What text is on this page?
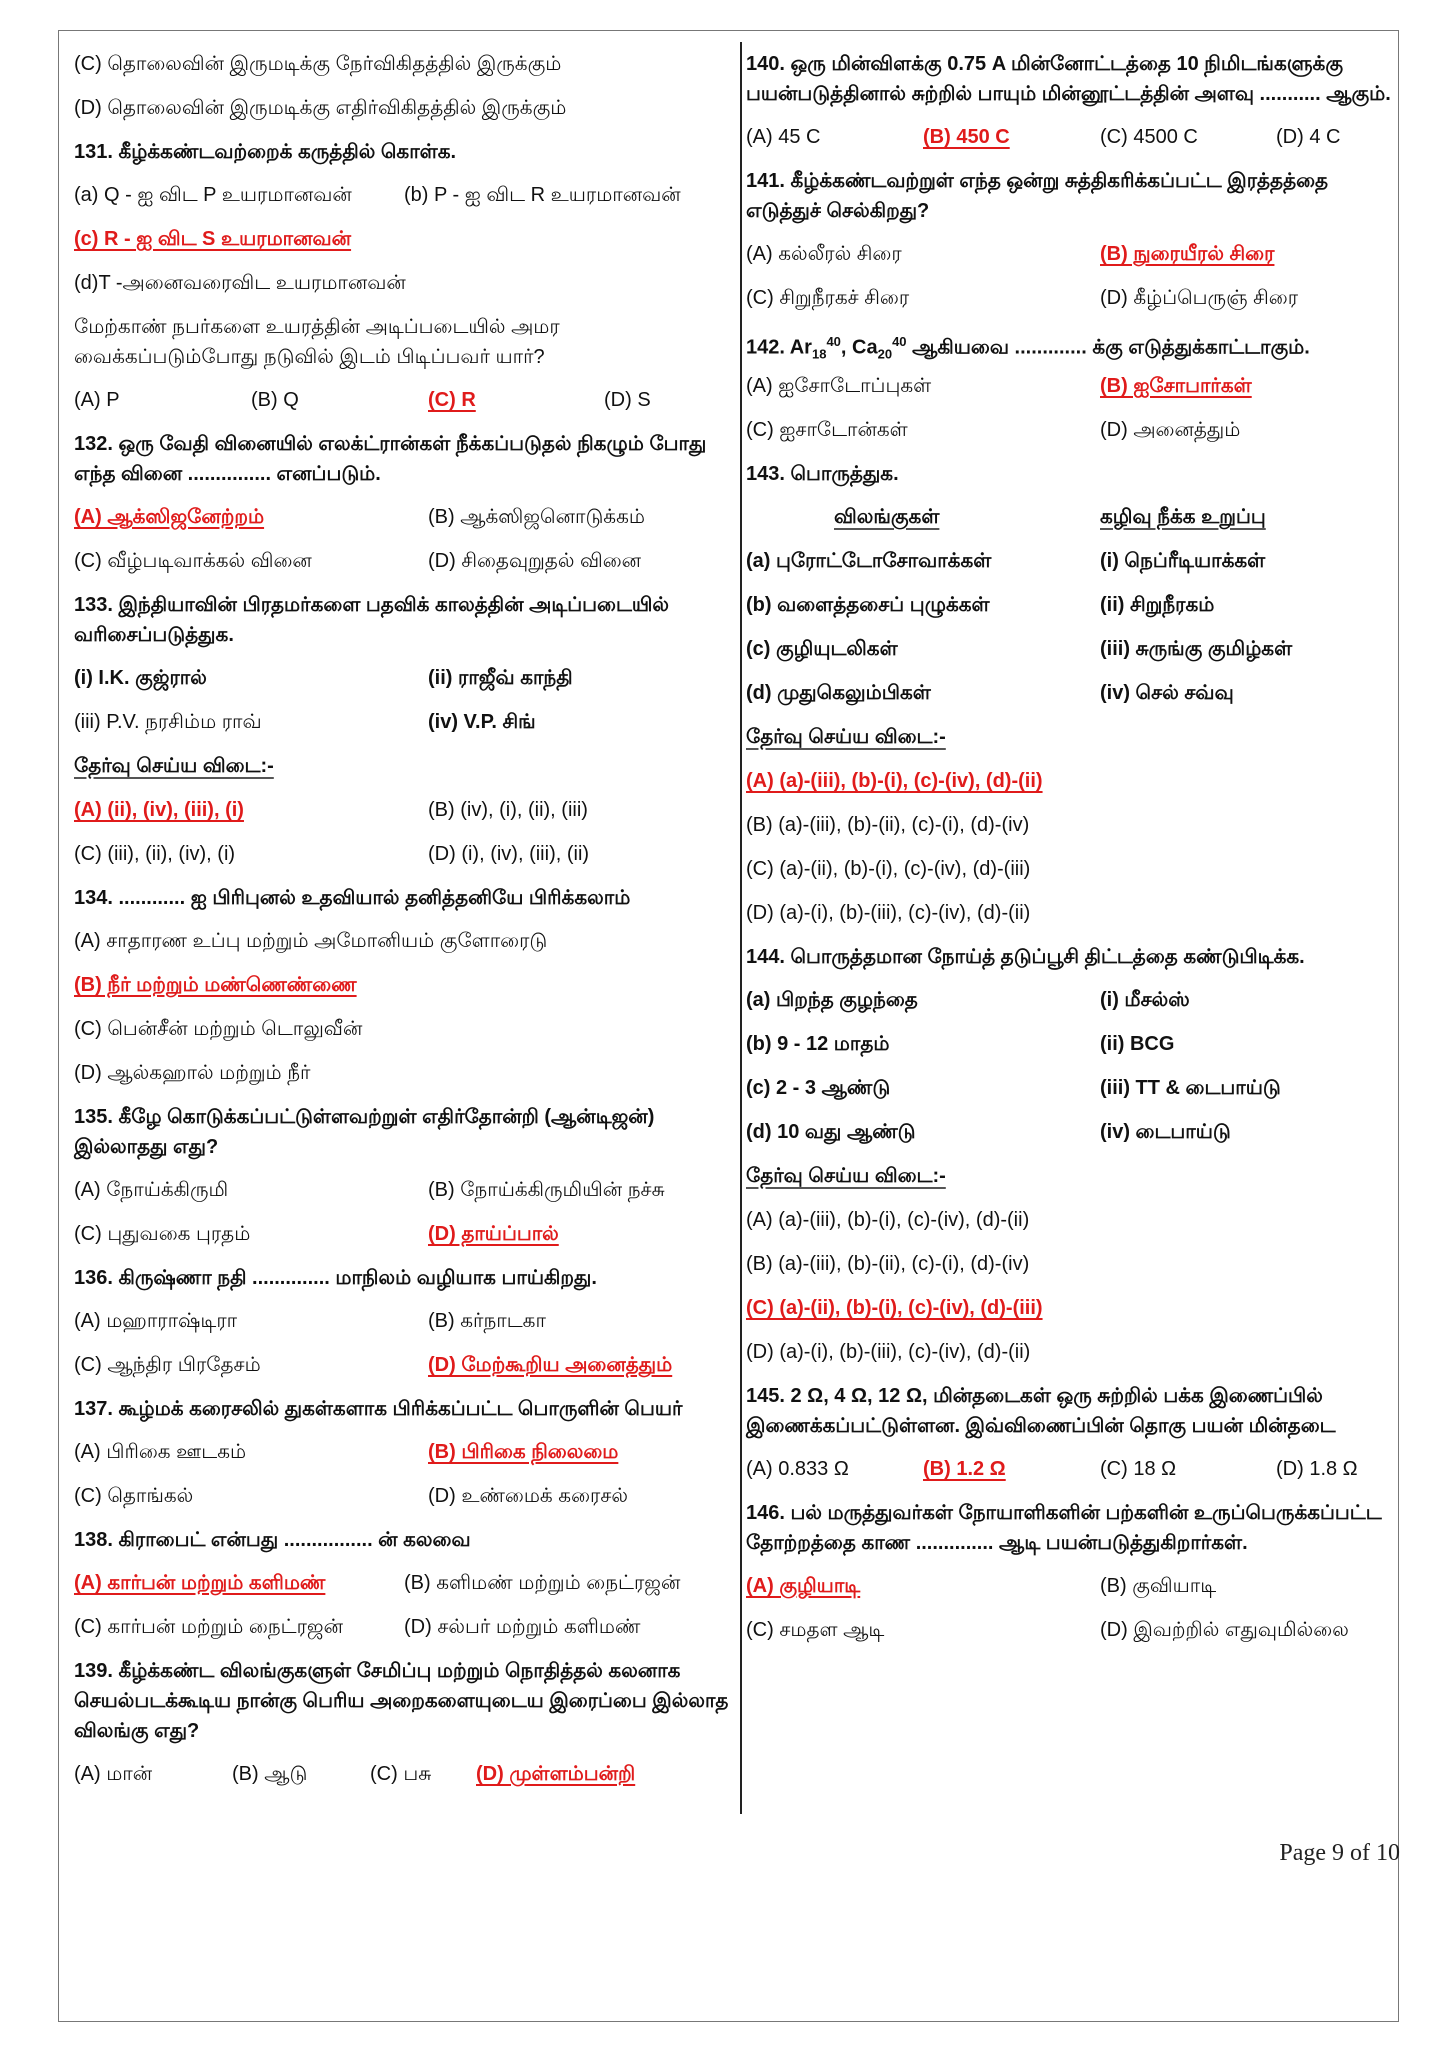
(C) தொலைவின் இருமடிக்கு நேர்விகிதத்தில் இருக்கும்
(D) தொலைவின் இருமடிக்கு எதிர்விகிதத்தில் இருக்கும்
131. கீழ்க்கண்டவற்றைக் கருத்தில் கொள்க.
(a) Q - ஐ விட P உயரமானவன்	(b) P - ஐ விட R உயரமானவன்
(c) R - ஐ விட S உயரமானவன்
(d)T -அனைவரைவிட உயரமானவன்
மேற்காண் நபர்களை உயரத்தின் அடிப்படையில் அமர வைக்கப்படும்போது நடுவில் இடம் பிடிப்பவர் யார்?
(A) P	(B) Q	(C) R	(D) S
132. ஒரு வேதி வினையில் எலக்ட்ரான்கள் நீக்கப்படுதல் நிகழும் போது எந்த வினை ............... எனப்படும்.
(A) ஆக்ஸிஜனேற்றம்	(B) ஆக்ஸிஜனொடுக்கம்
(C) வீழ்படிவாக்கல் வினை	(D) சிதைவுறுதல் வினை
133. இந்தியாவின் பிரதமர்களை பதவிக் காலத்தின் அடிப்படையில் வரிசைப்படுத்துக.
(i) I.K. குஜ்ரால்	(ii) ராஜீவ் காந்தி
(iii) P.V. நரசிம்ம ராவ்	(iv) V.P. சிங்
தேர்வு செய்ய விடை:-
(A) (ii), (iv), (iii), (i)	(B) (iv), (i), (ii), (iii)
(C) (iii), (ii), (iv), (i)	(D) (i), (iv), (iii), (ii)
134. ............ ஐ பிரிபுனல் உதவியால் தனித்தனியே பிரிக்கலாம்
(A) சாதாரண உப்பு மற்றும் அமோனியம் குளோரைடு
(B) நீர் மற்றும் மண்ணெண்ணை
(C) பென்சீன் மற்றும் டொலுவீன்
(D) ஆல்கஹால் மற்றும் நீர்
135. கீழே கொடுக்கப்பட்டுள்ளவற்றுள் எதிர்தோன்றி (ஆன்டிஜன்) இல்லாதது எது?
(A) நோய்க்கிருமி	(B) நோய்க்கிருமியின் நச்சு
(C) புதுவகை புரதம்	(D) தாய்ப்பால்
136. கிருஷ்ணா நதி .............. மாநிலம் வழியாக பாய்கிறது.
(A) மஹாராஷ்டிரா	(B) கர்நாடகா
(C) ஆந்திர பிரதேசம்	(D) மேற்கூறிய அனைத்தும்
137. கூழ்மக் கரைசலில் துகள்களாக பிரிக்கப்பட்ட பொருளின் பெயர்
(A) பிரிகை ஊடகம்	(B) பிரிகை நிலைமை
(C) தொங்கல்	(D) உண்மைக் கரைசல்
138. கிராபைட் என்பது ................ ன் கலவை
(A) கார்பன் மற்றும் களிமண்	(B) களிமண் மற்றும் நைட்ரஜன்
(C) கார்பன் மற்றும் நைட்ரஜன்	(D) சல்பர் மற்றும் களிமண்
139. கீழ்க்கண்ட விலங்குகளுள் சேமிப்பு மற்றும் நொதித்தல் கலனாக செயல்படக்கூடிய நான்கு பெரிய அறைகளையுடைய இரைப்பை இல்லாத விலங்கு எது?
(A) மான்	(B) ஆடு	(C) பசு (D) முள்ளம்பன்றி
140. ஒரு மின்விளக்கு 0.75 A மின்னோட்டத்தை 10 நிமிடங்களுக்கு பயன்படுத்தினால் சுற்றில் பாயும் மின்னூட்டத்தின் அளவு ........... ஆகும்.
(A) 45 C	(B) 450 C	(C) 4500 C	(D) 4 C
141. கீழ்க்கண்டவற்றுள் எந்த ஒன்று சுத்திகரிக்கப்பட்ட இரத்தத்தை எடுத்துச் செல்கிறது?
(A) கல்லீரல் சிரை	(B) நுரையீரல் சிரை
(C) சிறுநீரகச் சிரை	(D) கீழ்ப்பெருஞ் சிரை
142. $Ar_{18}^{40}$, $Ca_{20}^{40}$ ஆகியவை ............. க்கு எடுத்துக்காட்டாகும்.
(A) ஐசோடோப்புகள்	(B) ஐசோபார்கள்
(C) ஐசாடோன்கள்	(D) அனைத்தும்
143. பொருத்துக.
விலங்குகள்	கழிவு நீக்க உறுப்பு
(a) புரோட்டோசோவாக்கள்	(i) நெப்ரீடியாக்கள்
(b) வளைத்தசைப் புழுக்கள்	(ii) சிறுநீரகம்
(c) குழியுடலிகள்	(iii) சுருங்கு குமிழ்கள்
(d) முதுகெலும்பிகள்	(iv) செல் சவ்வு
தேர்வு செய்ய விடை:-
(A) (a)-(iii), (b)-(i), (c)-(iv), (d)-(ii)
(B) (a)-(iii), (b)-(ii), (c)-(i), (d)-(iv)
(C) (a)-(ii), (b)-(i), (c)-(iv), (d)-(iii)
(D) (a)-(i), (b)-(iii), (c)-(iv), (d)-(ii)
144. பொருத்தமான நோய்த் தடுப்பூசி திட்டத்தை கண்டுபிடிக்க.
(a) பிறந்த குழந்தை	(i) மீசல்ஸ்
(b) 9 - 12 மாதம்	(ii) BCG
(c) 2 - 3 ஆண்டு	(iii) TT & டைபாய்டு
(d) 10 வது ஆண்டு	(iv) டைபாய்டு
தேர்வு செய்ய விடை:-
(A) (a)-(iii), (b)-(i), (c)-(iv), (d)-(ii)
(B) (a)-(iii), (b)-(ii), (c)-(i), (d)-(iv)
(C) (a)-(ii), (b)-(i), (c)-(iv), (d)-(iii)
(D) (a)-(i), (b)-(iii), (c)-(iv), (d)-(ii)
145. 2 Ω, 4 Ω, 12 Ω, மின்தடைகள் ஒரு சுற்றில் பக்க இணைப்பில் இணைக்கப்பட்டுள்ளன. இவ்விணைப்பின் தொகு பயன் மின்தடை
(A) 0.833 Ω	(B) 1.2 Ω	(C) 18 Ω	(D) 1.8 Ω
146. பல் மருத்துவர்கள் நோயாளிகளின் பற்களின் உருப்பெருக்கப்பட்ட தோற்றத்தை காண .............. ஆடி பயன்படுத்துகிறார்கள்.
(A) குழியாடி	(B) குவியாடி
(C) சமதள ஆடி	(D) இவற்றில் எதுவுமில்லை
Page 9 of 10
